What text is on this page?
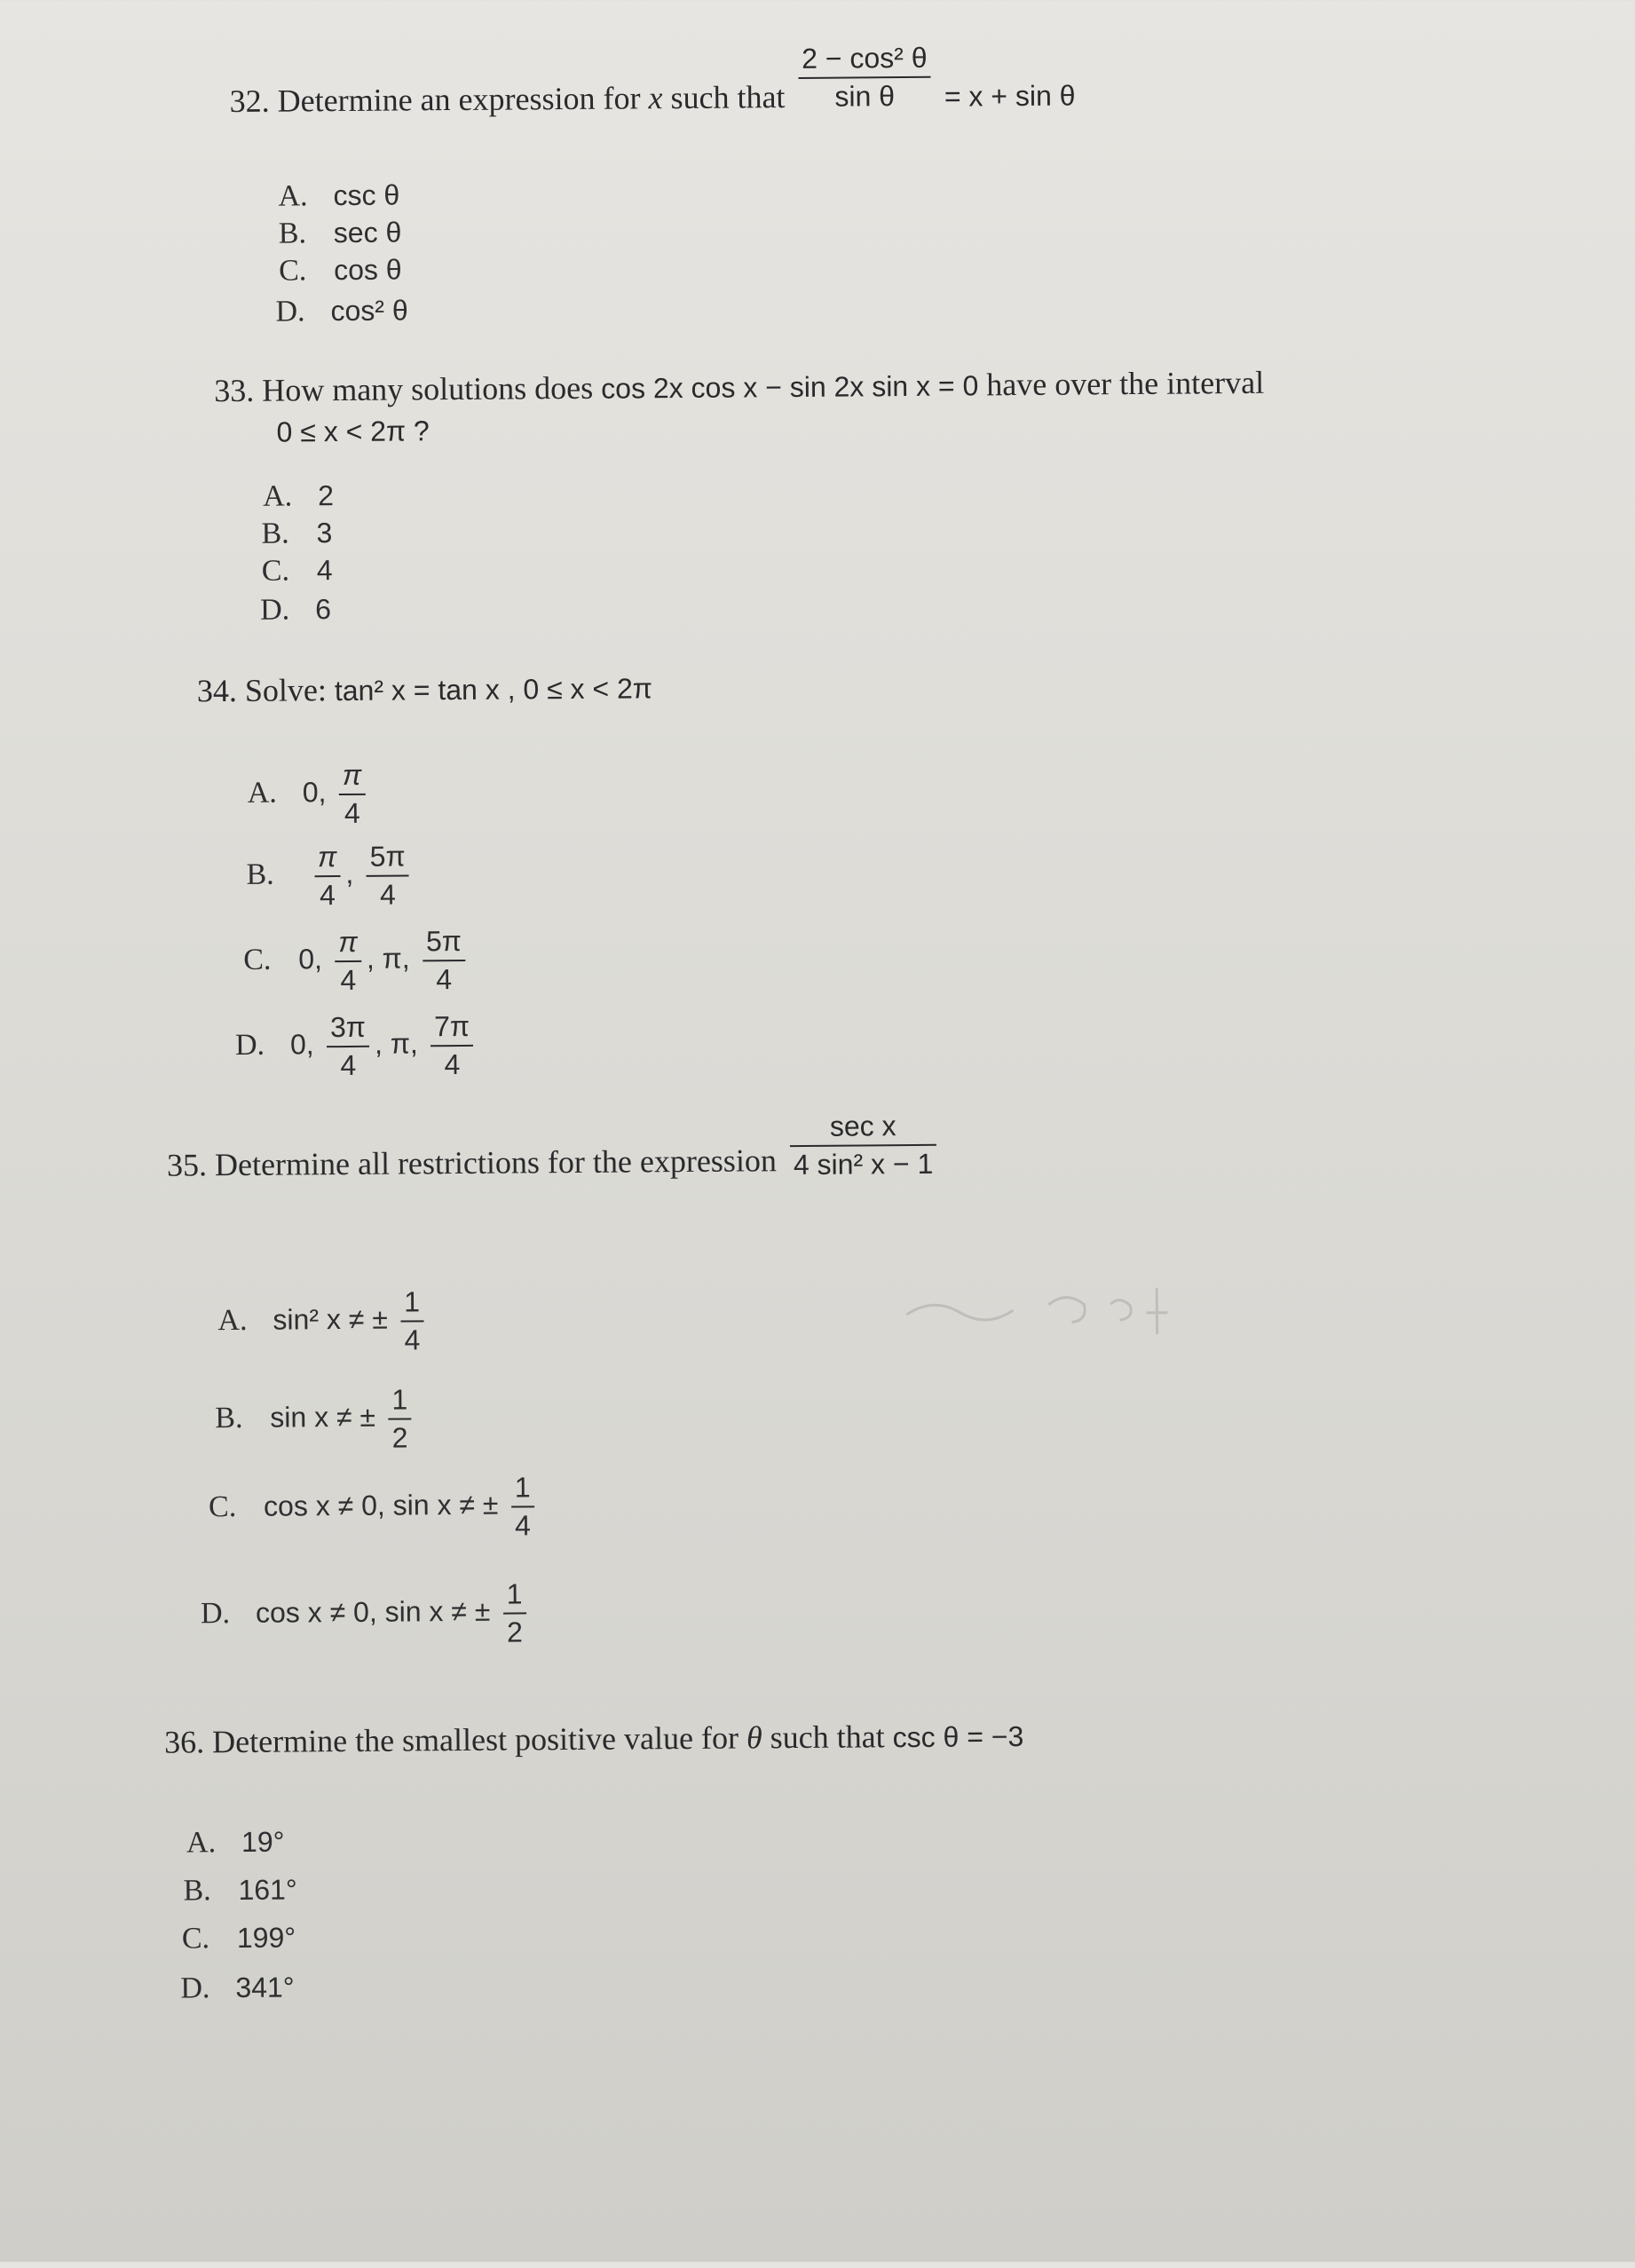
32. Determine an expression for x such that $\frac{\text{2 − cos² θ}}{\text{sin θ}} = x + \sin \theta$
A. csc θ
B. sec θ
C. cos θ
D. cos² θ
33. How many solutions does cos 2x cos x − sin 2x sin x = 0 have over the interval
0 ≤ x < 2π ?
A. 2
B. 3
C. 4
D. 6
34. Solve: tan² x = tan x , 0 ≤ x < 2π
A. 0, $\frac{\pi}{4}$
B. $\frac{\pi}{4}$ , $\frac{5\pi}{4}$
C. 0, $\frac{\pi}{4}$ , π, $\frac{5\pi}{4}$
D. 0, $\frac{3\pi}{4}$ , π, $\frac{7\pi}{4}$
35. Determine all restrictions for the expression $\frac{\text{sec x}}{\text{4 sin² x − 1}}$
A. sin² x ≠ ± $\frac{1}{4}$
B. sin x ≠ ± $\frac{1}{2}$
C. cos x ≠ 0, sin x ≠ ± $\frac{1}{4}$
D. cos x ≠ 0, sin x ≠ ± $\frac{1}{2}$
36. Determine the smallest positive value for θ such that csc θ = −3
A. 19°
B. 161°
C. 199°
D. 341°
